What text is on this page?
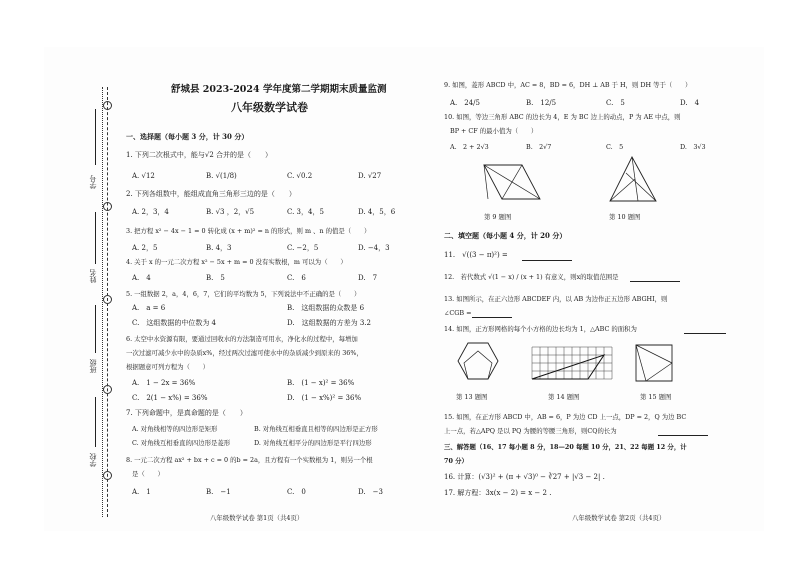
学号
姓名
班级
学校
舒城县 2023-2024 学年度第二学期期末质量监测
八年级数学试卷
一、选择题（每小题 3 分，计 30 分）
1. 下列二次根式中，能与√2 合并的是（　　）
A. √12	B. √(1/8)	C. √0.2	D. √27
2. 下列各组数中，能组成直角三角形三边的是（　　）
A. 2，3，4	B. √3 ，2，√5	C. 3，4，5	D. 4，5，6
3. 把方程 x² − 4x − 1 = 0 转化成 (x + m)² = n 的形式，则 m 、n 的值是（　　）
A. 2，5	B. 4，3	C. −2，5	D. −4，3
4. 关于 x 的一元二次方程 x² − 5x + m = 0 没有实数根，m 可以为（　　）
A.　4	B.　5	C.　6	D.　7
5. 一组数据 2，a，4，6，7，它们的平均数为 5，下列说法中不正确的是（　　）
A.　a = 6	B.　这组数据的众数是 6
C.　这组数据的中位数为 4	D.　这组数据的方差为 3.2
6. 太空中水资源有限，要通过回收水的方法制造可用水，净化水的过程中，每增加
一次过滤可减少水中的杂质x%，经过两次过滤可使水中的杂质减少到原来的 36%，
根据题意可列方程为（　　）
A.　1 − 2x = 36%	B.　(1 − x)² = 36%
C.　2(1 − x%) = 36%	D.　(1 − x%)² = 36%
7. 下列命题中，是真命题的是（　　）
A. 对角线相等的四边形是矩形	B. 对角线互相垂直且相等的四边形是正方形
C. 对角线互相垂直的四边形是菱形	D. 对角线互相平分的四边形是平行四边形
8. 一元二次方程 ax² + bx + c = 0 的b = 2a，且方程有一个实数根为 1，则另一个根
是（　　）
A.　1	B.　−1	C.　0	D.　−3
八年级数学试卷 第1页（共4页）
9. 如图，菱形 ABCD 中，AC = 8，BD = 6，DH ⊥ AB 于 H，则 DH 等于（　　）
A.　24/5	B.　12/5	C.　5	D.　4
10. 如图，等边三角形 ABC 的边长为 4，E 为 BC 边上的动点，P 为 AE 中点，则
BP + CF 的最小值为（　　）
A.　2 + 2√3	B.　2√7	C.　5	D.　3√3
第 9 题图	第 10 题图
二、填空题（每小题 4 分，计 20 分）
11.　√((3 − π)²) =
12.　若代数式 √(1 − x) / (x + 1) 有意义，则x的取值范围是
13. 如图所示，在正六边形 ABCDEF 内，以 AB 为边作正五边形 ABGHI，则
∠CGB =
14. 如图，正方形网格的每个小方格的边长均为 1，△ABC 的面积为
第 13 题图	第 14 题图	第 15 题图
15. 如图，在正方形 ABCD 中，AB = 6，P 为边 CD 上一点，DP = 2，Q 为边 BC
上一点，若△APQ 是以 PQ 为腰的等腰三角形，则CQ的长为
三、解答题（16、17 每小题 8 分，18—20 每题 10 分，21、22 每题 12 分，计
70 分）
16. 计算：(√3)² + (π + √3)⁰ − ∛27 + |√3 − 2| .
17. 解方程：3x(x − 2) = x − 2 .
八年级数学试卷 第2页（共4页）
